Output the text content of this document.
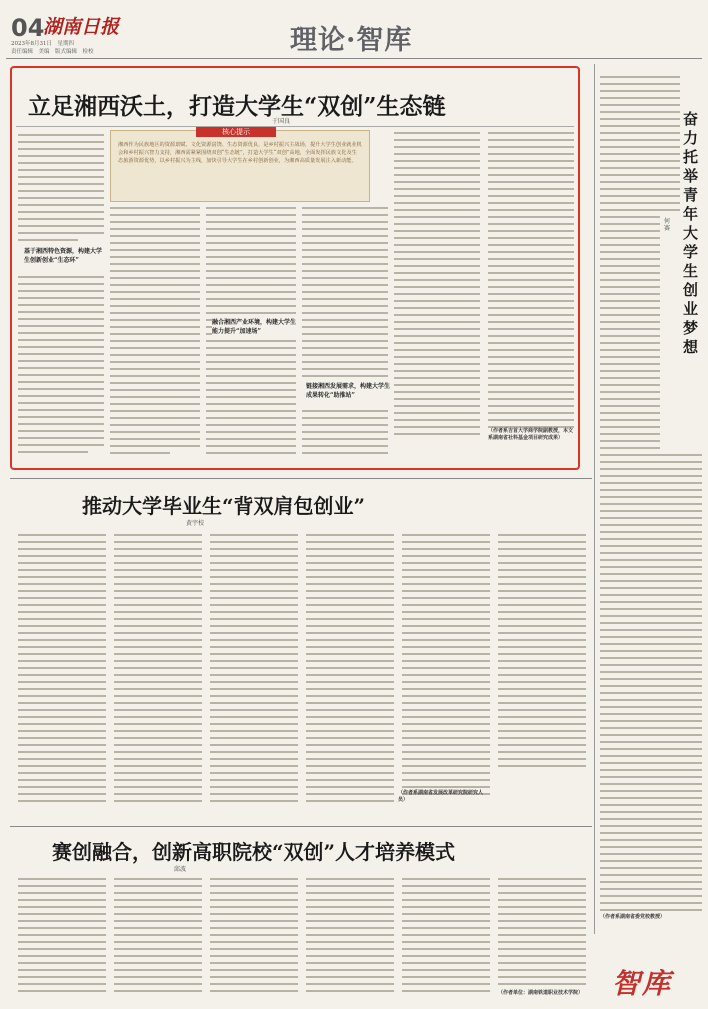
04
湖南日报
2023年8月31日　星期四
责任编辑　美编　版式编辑　检校	理论·智库
立足湘西沃土，打造大学生“双创”生态链
于国良
核心提示
湘西作为民族地区的资源禀赋、文化资源富饶、生态资源优良，是乡村振兴主战场，提升大学生创业就业机会和乡村振兴智力支持，湘西需紧紧围绕双创“生态链”，打造大学生“双创”高地，全面发挥民族文化及生态旅游资源优势，以乡村振兴为主线，加快引导大学生在乡村创新创业，为湘西高质量发展注入新动能。
基于湘西特色资源，构建大学生创新创业“生态环”
融合湘西产业环境，构建大学生能力提升“加速场”
链接湘西发展需求，构建大学生成果转化“助推站”
（作者系吉首大学商学院副教授，本文系湖南省社科基金项目研究成果）
推动大学毕业生“背双肩包创业”
黄宇校
（作者系湖南省发展改革研究院研究人员）
赛创融合，创新高职院校“双创”人才培养模式
邱波
（作者单位：湖南铁道职业技术学院）
奋力托举青年大学生创业梦想
何赛
（作者系湖南省委党校教授）
智库
